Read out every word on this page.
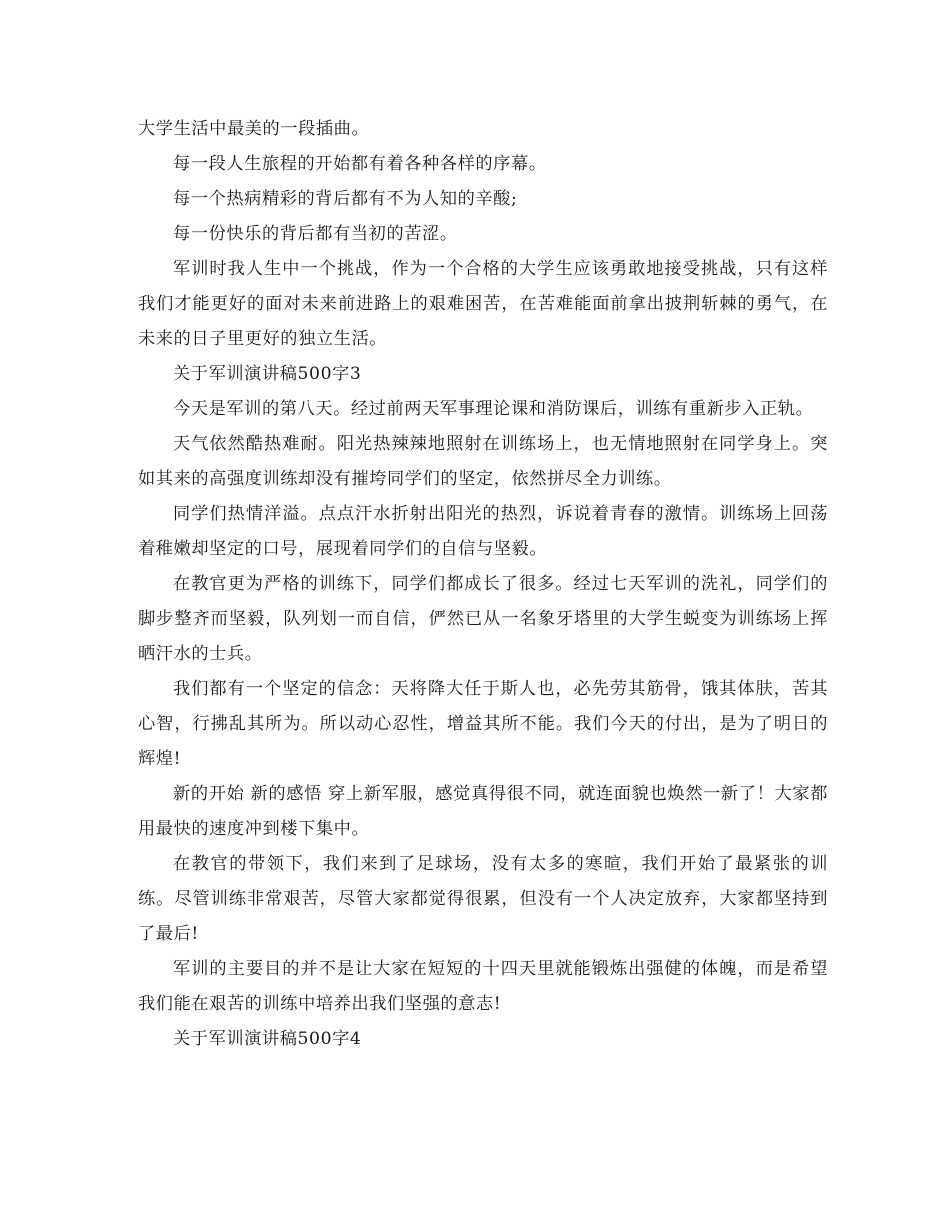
大学生活中最美的一段插曲。

每一段人生旅程的开始都有着各种各样的序幕。

每一个热病精彩的背后都有不为人知的辛酸;

每一份快乐的背后都有当初的苦涩。

军训时我人生中一个挑战，作为一个合格的大学生应该勇敢地接受挑战，只有这样我们才能更好的面对未来前进路上的艰难困苦，在苦难能面前拿出披荆斩棘的勇气，在未来的日子里更好的独立生活。

关于军训演讲稿500字3

今天是军训的第八天。经过前两天军事理论课和消防课后，训练有重新步入正轨。

天气依然酷热难耐。阳光热辣辣地照射在训练场上，也无情地照射在同学身上。突如其来的高强度训练却没有摧垮同学们的坚定，依然拼尽全力训练。

同学们热情洋溢。点点汗水折射出阳光的热烈，诉说着青春的激情。训练场上回荡着稚嫩却坚定的口号，展现着同学们的自信与坚毅。

在教官更为严格的训练下，同学们都成长了很多。经过七天军训的洗礼，同学们的脚步整齐而坚毅，队列划一而自信，俨然已从一名象牙塔里的大学生蜕变为训练场上挥晒汗水的士兵。

我们都有一个坚定的信念：天将降大任于斯人也，必先劳其筋骨，饿其体肤，苦其心智，行拂乱其所为。所以动心忍性，增益其所不能。我们今天的付出，是为了明日的辉煌!

新的开始 新的感悟 穿上新军服，感觉真得很不同，就连面貌也焕然一新了！大家都用最快的速度冲到楼下集中。

在教官的带领下，我们来到了足球场，没有太多的寒暄，我们开始了最紧张的训练。尽管训练非常艰苦，尽管大家都觉得很累，但没有一个人决定放弃，大家都坚持到了最后!

军训的主要目的并不是让大家在短短的十四天里就能锻炼出强健的体魄，而是希望我们能在艰苦的训练中培养出我们坚强的意志!

关于军训演讲稿500字4
